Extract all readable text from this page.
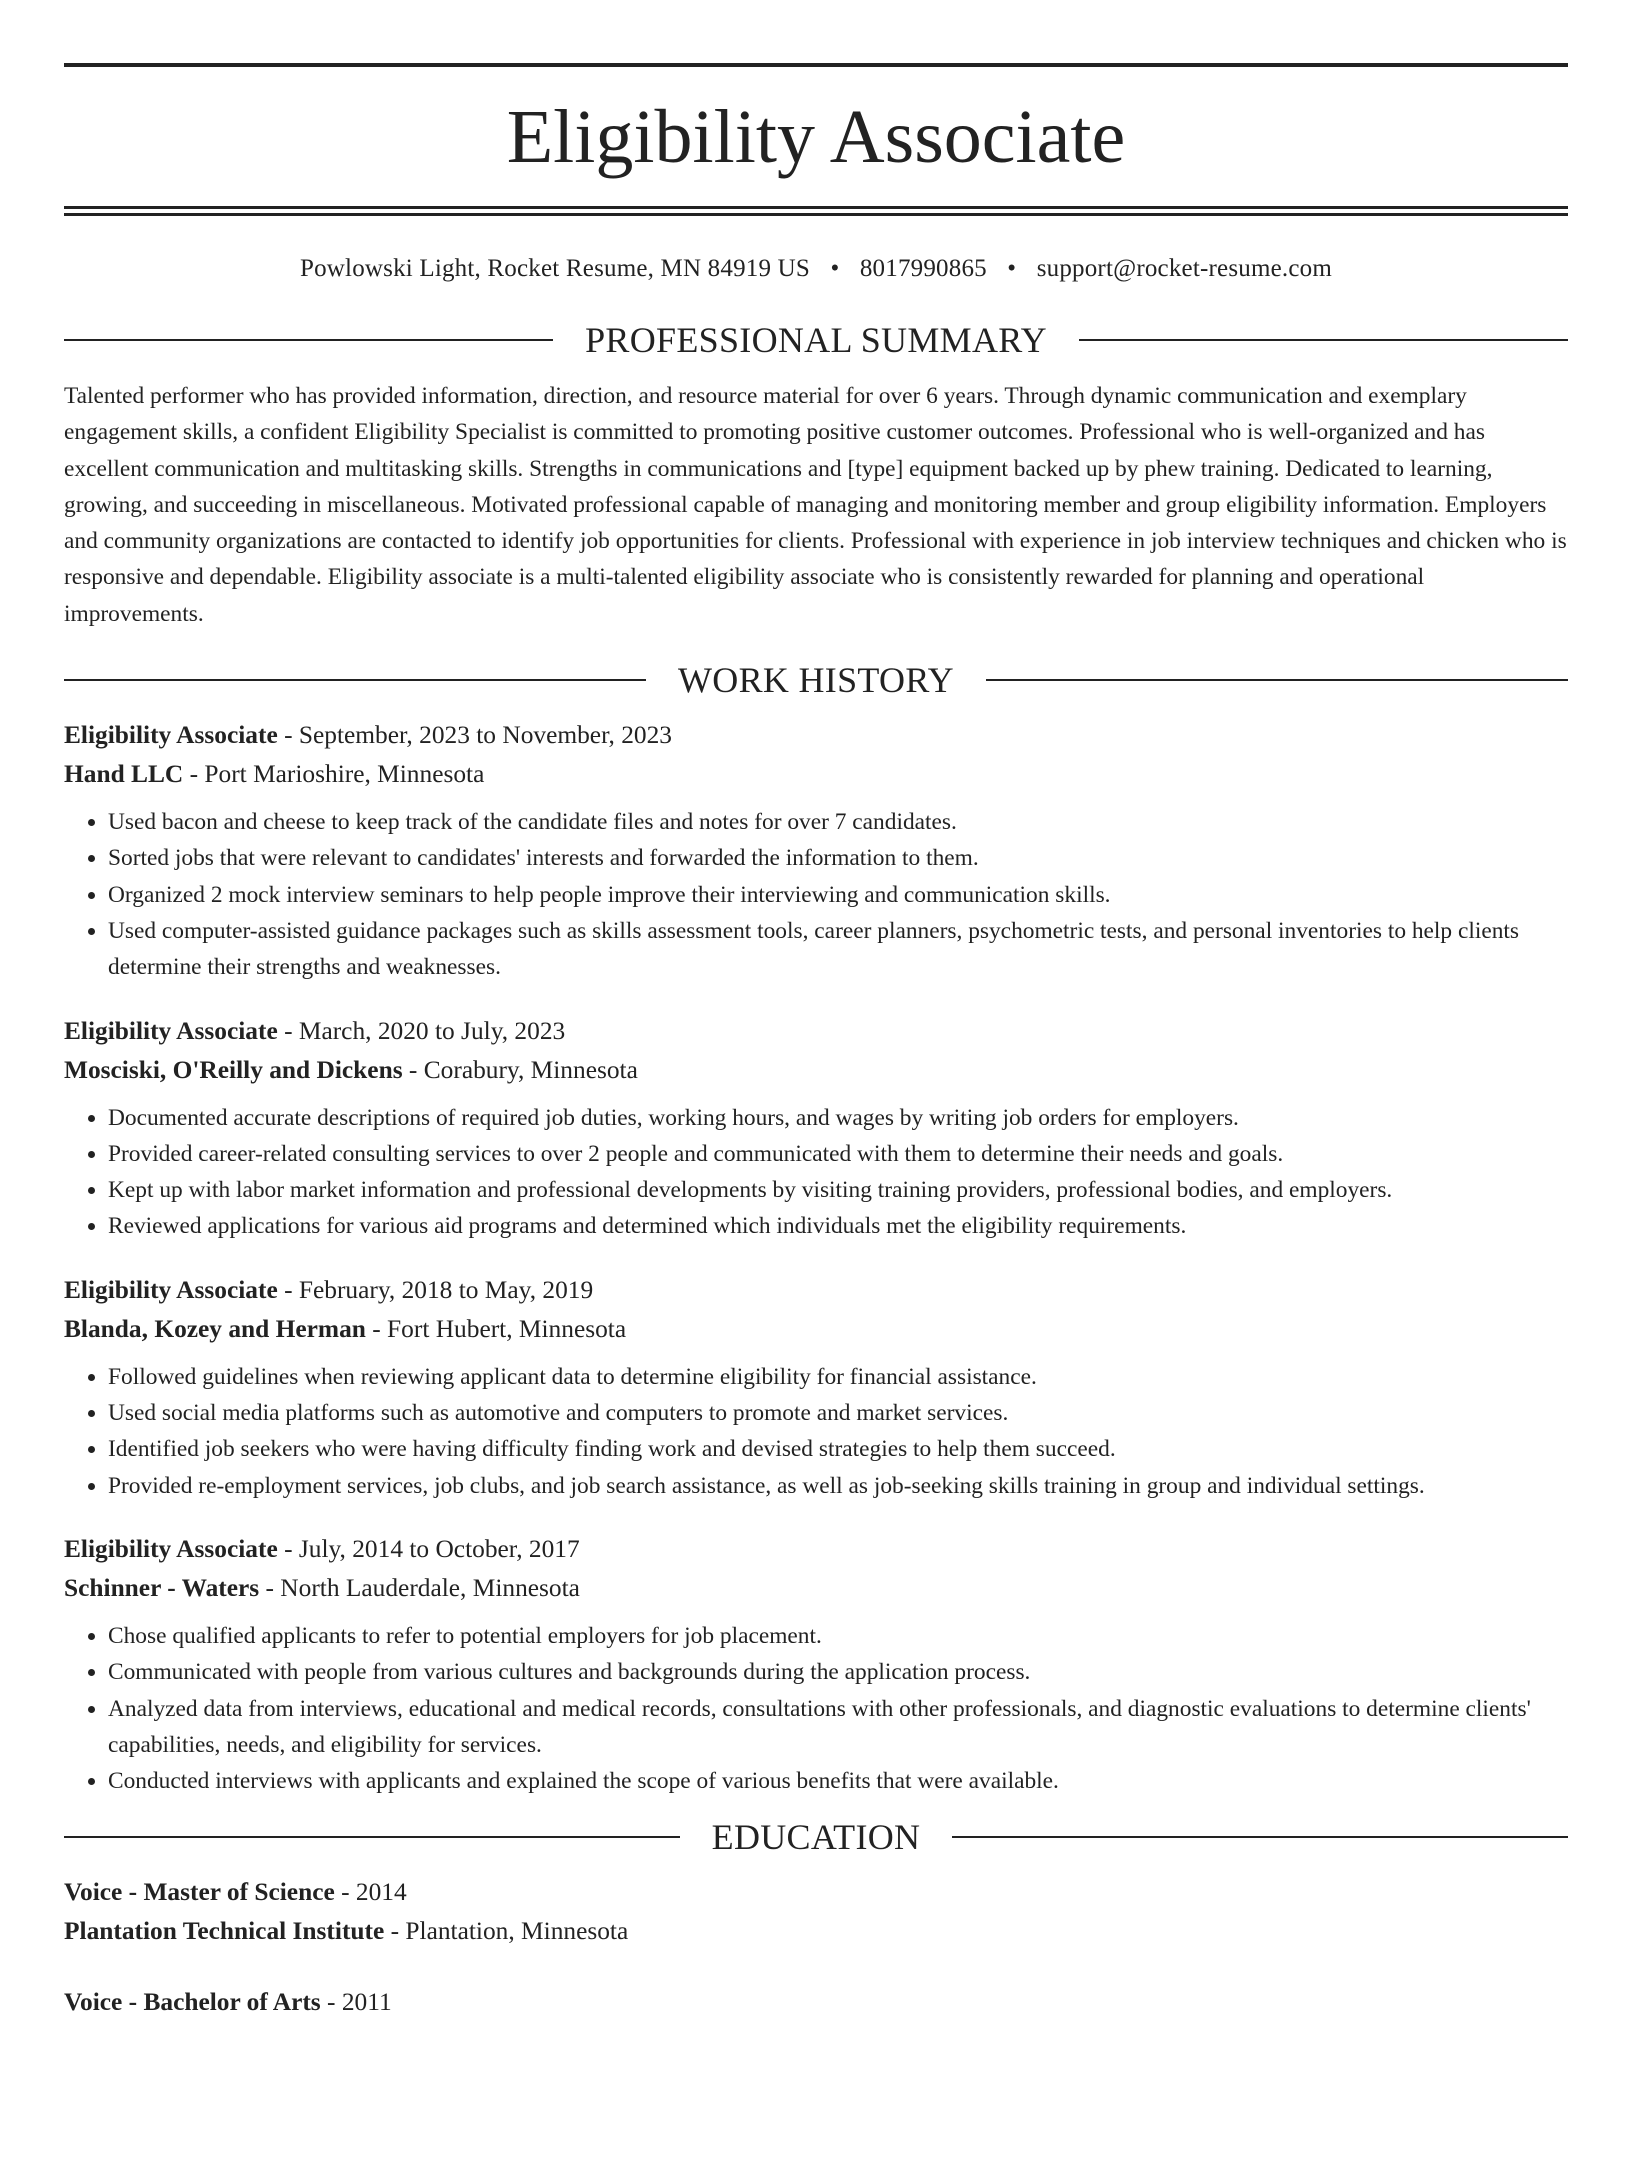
Eligibility Associate
Powlowski Light, Rocket Resume, MN 84919 US • 8017990865 • support@rocket-resume.com
PROFESSIONAL SUMMARY

Talented performer who has provided information, direction, and resource material for over 6 years. Through dynamic communication and exemplary engagement skills, a confident Eligibility Specialist is committed to promoting positive customer outcomes. Professional who is well-organized and has excellent communication and multitasking skills. Strengths in communications and [type] equipment backed up by phew training. Dedicated to learning, growing, and succeeding in miscellaneous. Motivated professional capable of managing and monitoring member and group eligibility information. Employers and community organizations are contacted to identify job opportunities for clients. Professional with experience in job interview techniques and chicken who is responsive and dependable. Eligibility associate is a multi-talented eligibility associate who is consistently rewarded for planning and operational improvements.

WORK HISTORY
Eligibility Associate - September, 2023 to November, 2023
Hand LLC - Port Marioshire, Minnesota
• Used bacon and cheese to keep track of the candidate files and notes for over 7 candidates.
• Sorted jobs that were relevant to candidates' interests and forwarded the information to them.
• Organized 2 mock interview seminars to help people improve their interviewing and communication skills.
• Used computer-assisted guidance packages such as skills assessment tools, career planners, psychometric tests, and personal inventories to help clients determine their strengths and weaknesses.
Eligibility Associate - March, 2020 to July, 2023
Mosciski, O'Reilly and Dickens - Corabury, Minnesota
• Documented accurate descriptions of required job duties, working hours, and wages by writing job orders for employers.
• Provided career-related consulting services to over 2 people and communicated with them to determine their needs and goals.
• Kept up with labor market information and professional developments by visiting training providers, professional bodies, and employers.
• Reviewed applications for various aid programs and determined which individuals met the eligibility requirements.
Eligibility Associate - February, 2018 to May, 2019
Blanda, Kozey and Herman - Fort Hubert, Minnesota
• Followed guidelines when reviewing applicant data to determine eligibility for financial assistance.
• Used social media platforms such as automotive and computers to promote and market services.
• Identified job seekers who were having difficulty finding work and devised strategies to help them succeed.
• Provided re-employment services, job clubs, and job search assistance, as well as job-seeking skills training in group and individual settings.
Eligibility Associate - July, 2014 to October, 2017
Schinner - Waters - North Lauderdale, Minnesota
• Chose qualified applicants to refer to potential employers for job placement.
• Communicated with people from various cultures and backgrounds during the application process.
• Analyzed data from interviews, educational and medical records, consultations with other professionals, and diagnostic evaluations to determine clients' capabilities, needs, and eligibility for services.
• Conducted interviews with applicants and explained the scope of various benefits that were available.
EDUCATION
Voice - Master of Science - 2014
Plantation Technical Institute - Plantation, Minnesota
Voice - Bachelor of Arts - 2011
